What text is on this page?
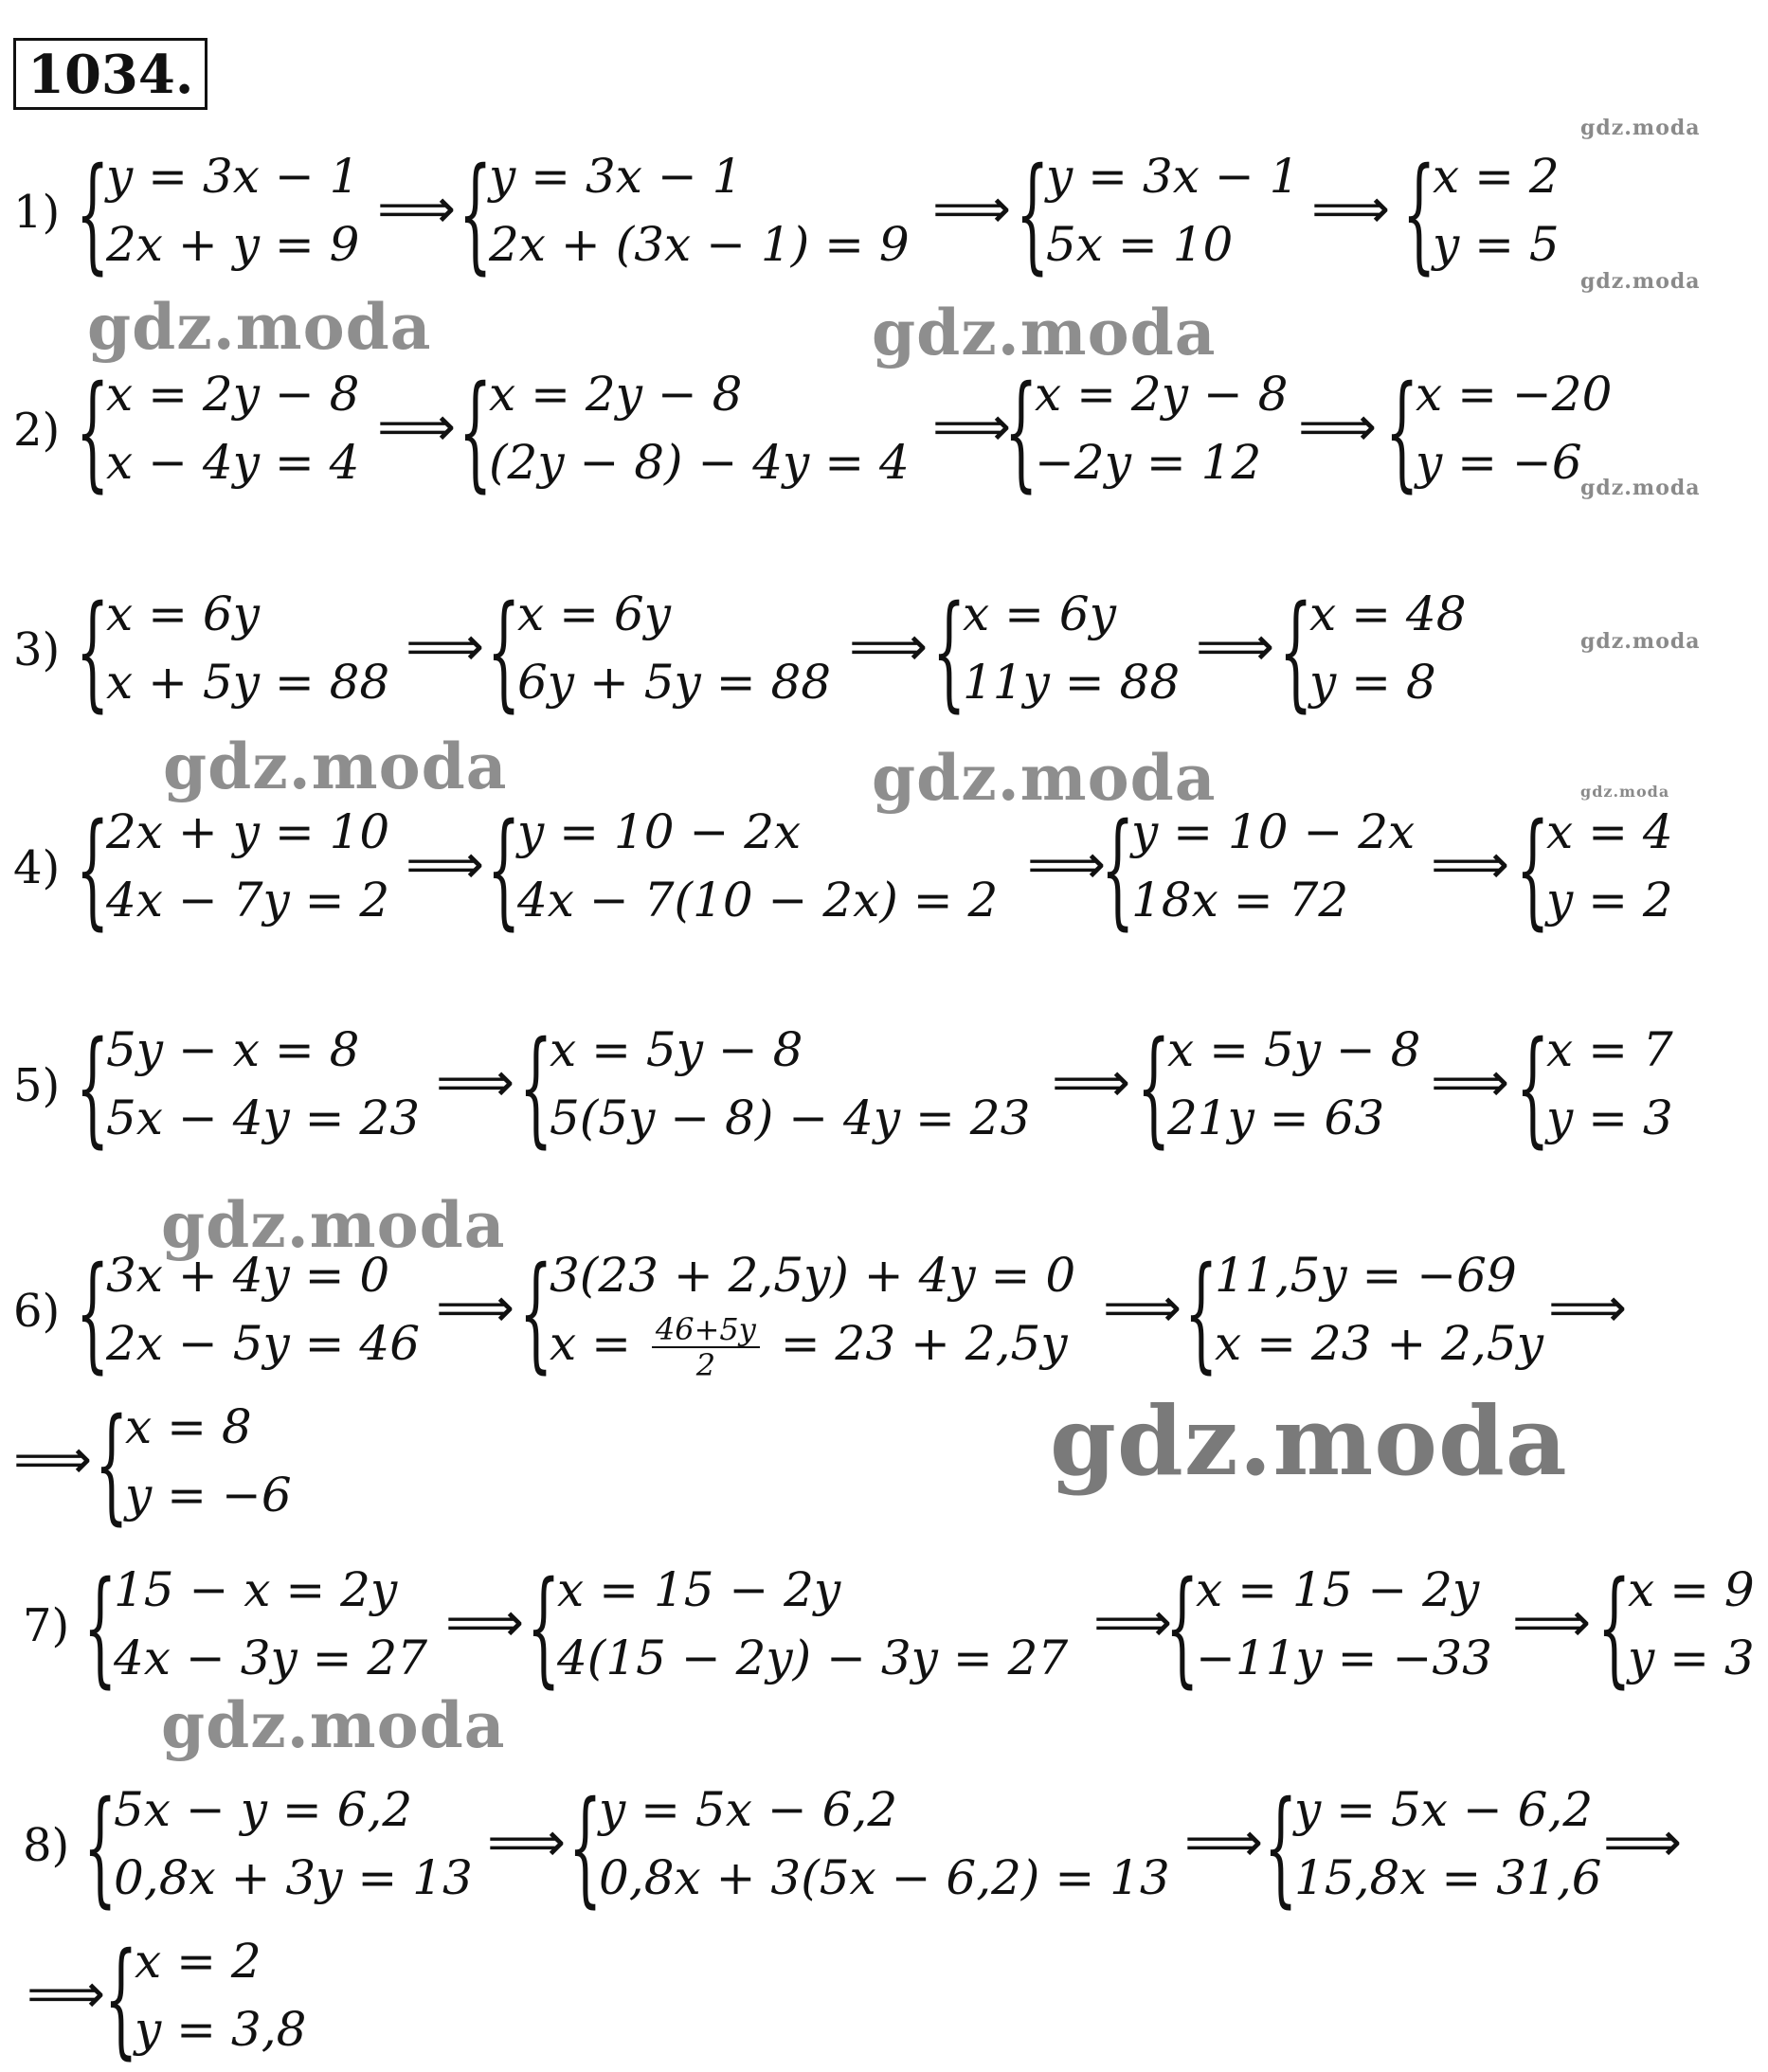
1034.
gdz.moda
gdz.moda
gdz.moda	gdz.moda
gdz.moda
gdz.moda
gdz.moda	gdz.moda	gdz.moda
gdz.moda
gdz.moda
gdz.moda
1) {
y = 3x − 1
2x + y = 9 {
y = 3x − 1
2x + (3x − 1) = 9 {
y = 3x − 1
5x = 10	{
x = 2
y = 5
⟹	⟹	⟹
2) {
x = 2y − 8
x − 4y = 4 {
x = 2y − 8
(2y − 8) − 4y = 4 {
x = 2y − 8
−2y = 12 {
x = −20
y = −6
⟹	⟹	⟹
3) {
x = 6y
x + 5y = 88 {
x = 6y
6y + 5y = 88 {
x = 6y
11y = 88 {
x = 48
y = 8
⟹	⟹	⟹
4) {
2x + y = 10
4x − 7y = 2 {
y = 10 − 2x
4x − 7(10 − 2x) = 2 {
y = 10 − 2x
18x = 72	{
x = 4
y = 2
⟹	⟹	⟹
5) {
5y − x = 8
5x − 4y = 23 {
x = 5y − 8
5(5y − 8) − 4y = 23 {
x = 5y − 8
21y = 63 {
x = 7
y = 3
⟹	⟹	⟹
6) {
3x + 4y = 0
2x − 5y = 46 {
3(23 + 2,5y) + 4y = 0
$x = \frac{46+5y}{2} = 23 + 2,5y$ {
11,5y = −69
x = 23 + 2,5y
{
x = 8
y = −6
⟹	⟹	⟹
⟹
7) {
15 − x = 2y
4x − 3y = 27 {
x = 15 − 2y
4(15 − 2y) − 3y = 27 {
x = 15 − 2y
−11y = −33 {
x = 9
y = 3
⟹	⟹	⟹
8) {
5x − y = 6,2
0,8x + 3y = 13 {
y = 5x − 6,2
0,8x + 3(5x − 6,2) = 13 {
y = 5x − 6,2
15,8x = 31,6
{
x = 2
y = 3,8
⟹	⟹	⟹
⟹
